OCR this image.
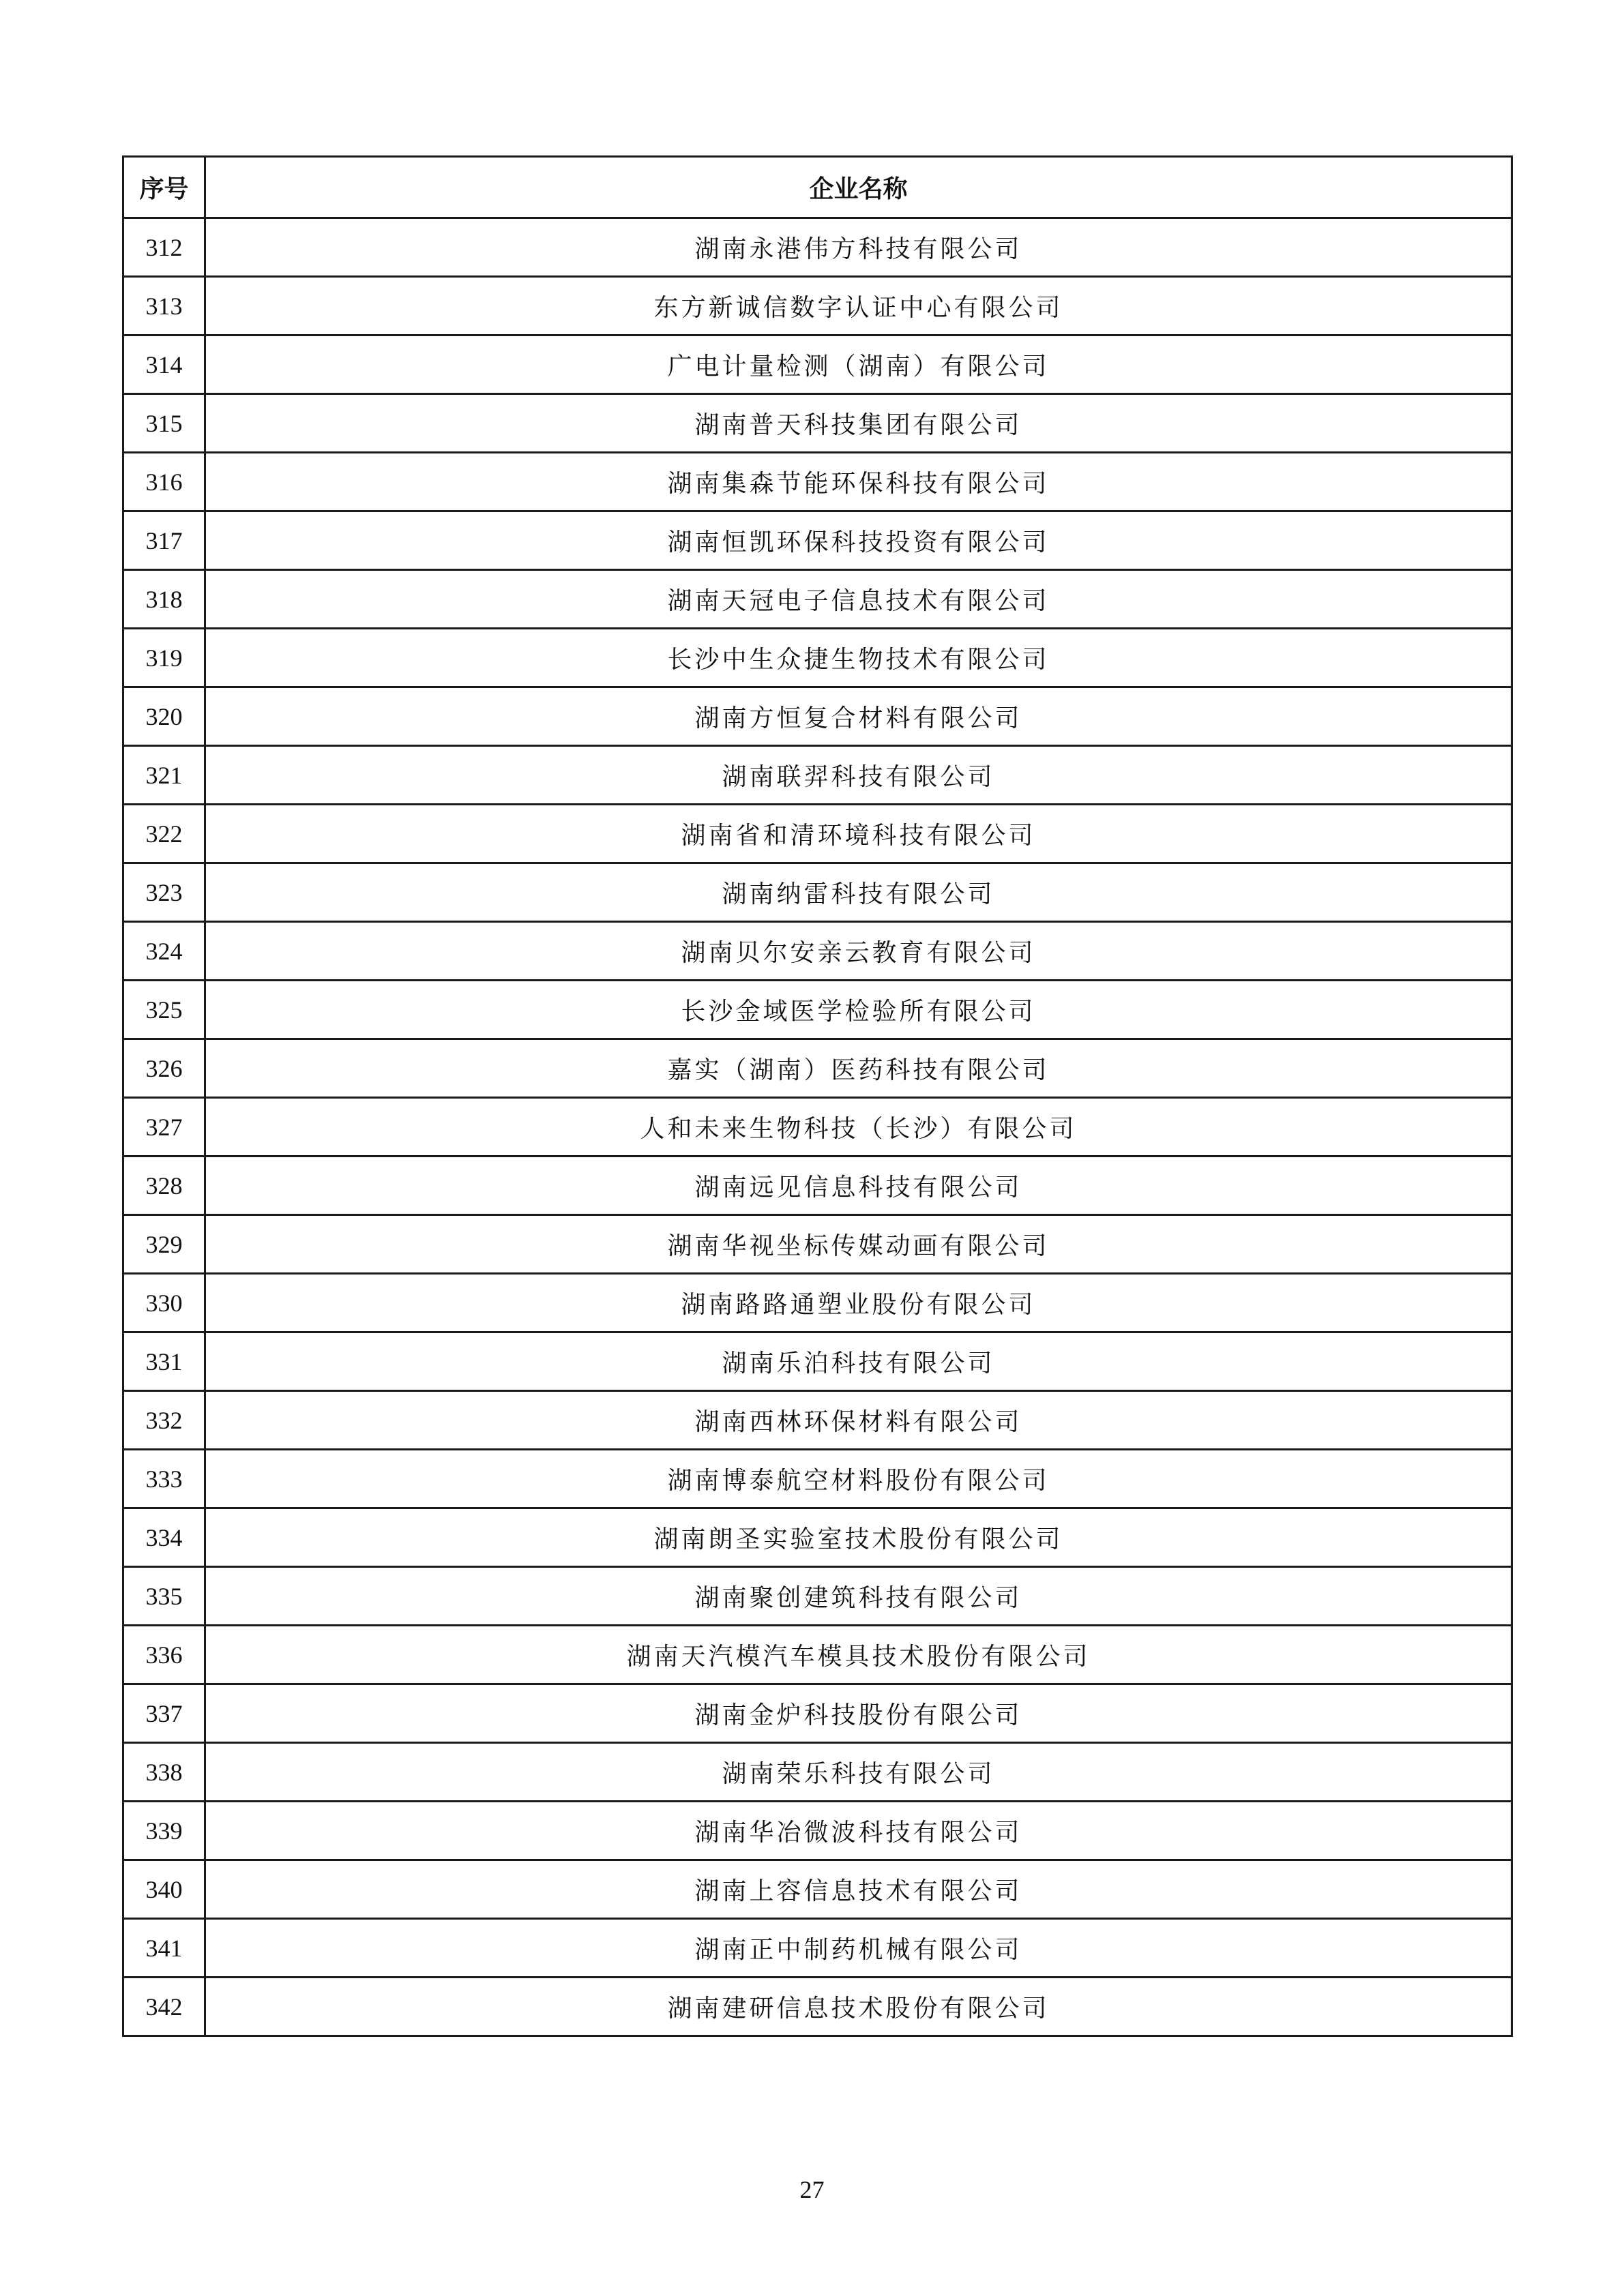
序号	企业名称
312	湖南永港伟方科技有限公司
313	东方新诚信数字认证中心有限公司
314	广电计量检测（湖南）有限公司
315	湖南普天科技集团有限公司
316	湖南集森节能环保科技有限公司
317	湖南恒凯环保科技投资有限公司
318	湖南天冠电子信息技术有限公司
319	长沙中生众捷生物技术有限公司
320	湖南方恒复合材料有限公司
321	湖南联羿科技有限公司
322	湖南省和清环境科技有限公司
323	湖南纳雷科技有限公司
324	湖南贝尔安亲云教育有限公司
325	长沙金域医学检验所有限公司
326	嘉实（湖南）医药科技有限公司
327	人和未来生物科技（长沙）有限公司
328	湖南远见信息科技有限公司
329	湖南华视坐标传媒动画有限公司
330	湖南路路通塑业股份有限公司
331	湖南乐泊科技有限公司
332	湖南西林环保材料有限公司
333	湖南博泰航空材料股份有限公司
334	湖南朗圣实验室技术股份有限公司
335	湖南聚创建筑科技有限公司
336	湖南天汽模汽车模具技术股份有限公司
337	湖南金炉科技股份有限公司
338	湖南荣乐科技有限公司
339	湖南华冶微波科技有限公司
340	湖南上容信息技术有限公司
341	湖南正中制药机械有限公司
342	湖南建研信息技术股份有限公司
27
